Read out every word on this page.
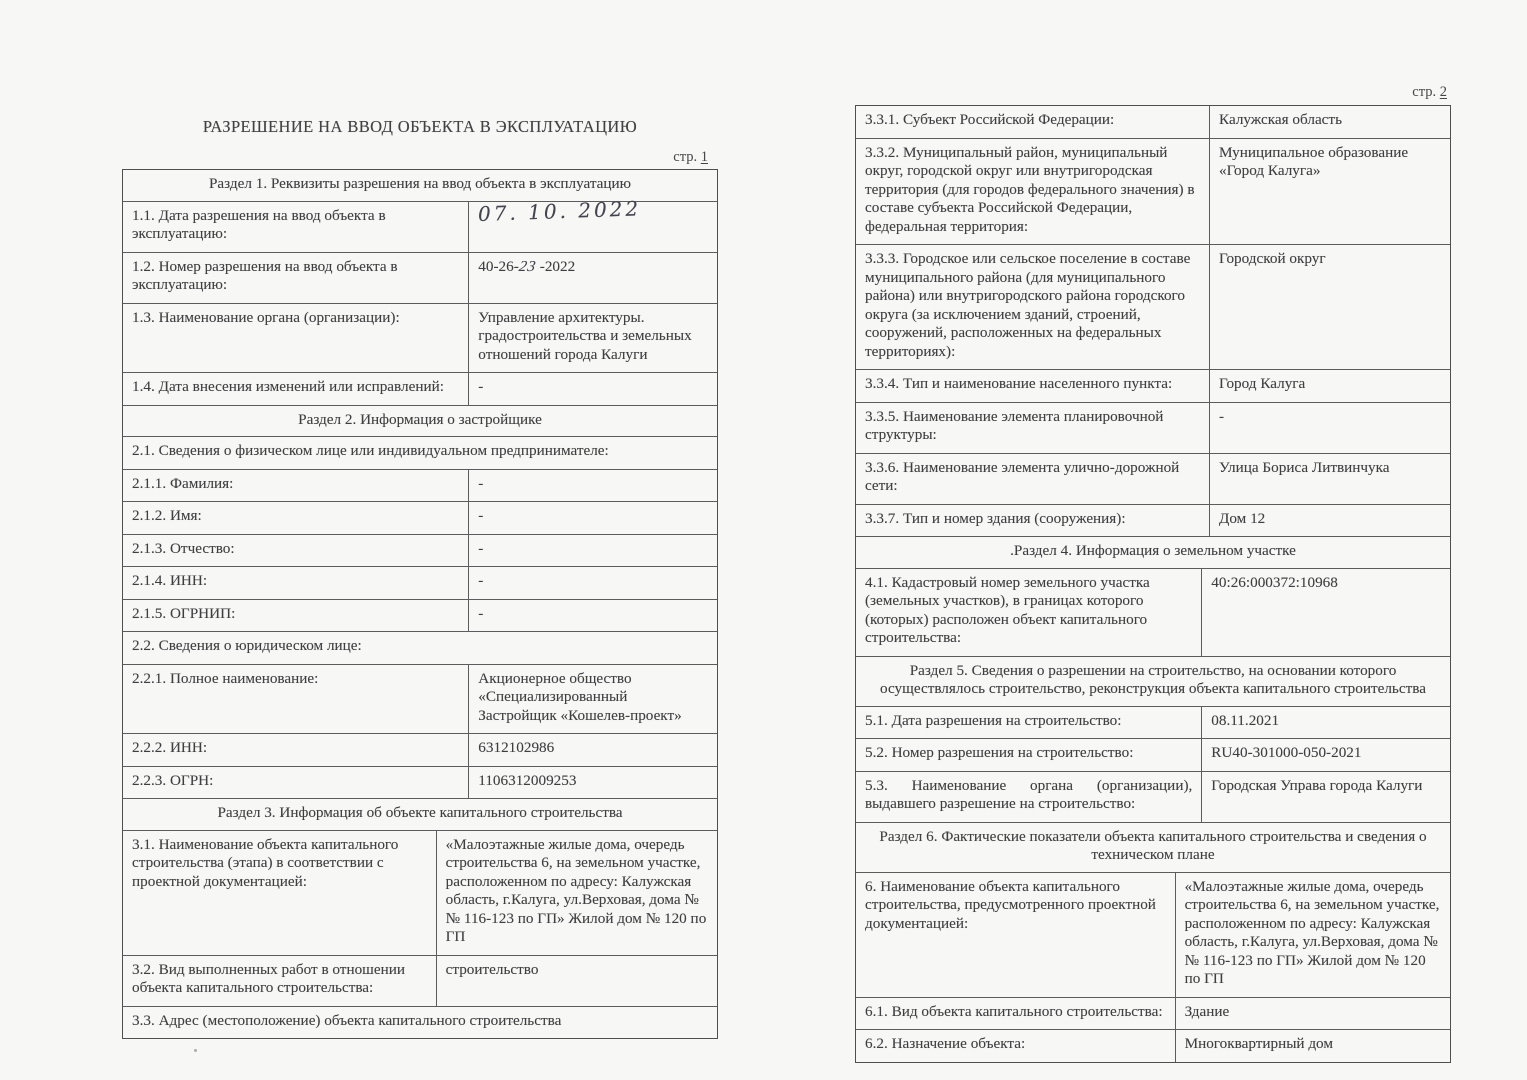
РАЗРЕШЕНИЕ НА ВВОД ОБЪЕКТА В ЭКСПЛУАТАЦИЮ
стр. 1
Раздел 1. Реквизиты разрешения на ввод объекта в эксплуатацию
1.1. Дата разрешения на ввод объекта в эксплуатацию:
07. 10. 2022
1.2. Номер разрешения на ввод объекта в эксплуатацию:
40-26-23 -2022
1.3. Наименование органа (организации):	Управление архитектуры. градостроительства и земельных отношений города Калуги
1.4. Дата внесения изменений или исправлений:	-
Раздел 2. Информация о застройщике
2.1. Сведения о физическом лице или индивидуальном предпринимателе:
2.1.1. Фамилия:	-
2.1.2. Имя:	-
2.1.3. Отчество:	-
2.1.4. ИНН:	-
2.1.5. ОГРНИП:	-
2.2. Сведения о юридическом лице:
2.2.1. Полное наименование:	Акционерное общество «Специализированный Застройщик «Кошелев-проект»
2.2.2. ИНН:	6312102986
2.2.3. ОГРН:	1106312009253
Раздел 3. Информация об объекте капитального строительства
3.1. Наименование объекта капитального строительства (этапа) в соответствии с проектной документацией:
«Малоэтажные жилые дома, очередь строительства 6, на земельном участке, расположенном по адресу: Калужская область, г.Калуга, ул.Верховая, дома №№ 116-123 по ГП» Жилой дом № 120 по ГП
3.2. Вид выполненных работ в отношении объекта капитального строительства:
строительство
3.3. Адрес (местоположение) объекта капитального строительства
стр. 2
3.3.1. Субъект Российской Федерации:	Калужская область
3.3.2. Муниципальный район, муниципальный округ, городской округ или внутригородская территория (для городов федерального значения) в составе субъекта Российской Федерации, федеральная территория:
Муниципальное образование «Город Калуга»
3.3.3. Городское или сельское поселение в составе муниципального района (для муниципального района) или внутригородского района городского округа (за исключением зданий, строений, сооружений, расположенных на федеральных территориях):
Городской округ
3.3.4. Тип и наименование населенного пункта:	Город Калуга
3.3.5. Наименование элемента планировочной структуры:
-
3.3.6. Наименование элемента улично-дорожной сети:
Улица Бориса Литвинчука
3.3.7. Тип и номер здания (сооружения):	Дом 12
.Раздел 4. Информация о земельном участке
4.1. Кадастровый номер земельного участка (земельных участков), в границах которого (которых) расположен объект капитального строительства:
40:26:000372:10968
Раздел 5. Сведения о разрешении на строительство, на основании которого осуществлялось строительство, реконструкция объекта капитального строительства
5.1. Дата разрешения на строительство:	08.11.2021
5.2. Номер разрешения на строительство:	RU40-301000-050-2021
5.3. Наименование органа (организации), выдавшего разрешение на строительство:
Городская Управа города Калуги
Раздел 6. Фактические показатели объекта капитального строительства и сведения о техническом плане
6. Наименование объекта капитального строительства, предусмотренного проектной документацией:
«Малоэтажные жилые дома, очередь строительства 6, на земельном участке, расположенном по адресу: Калужская область, г.Калуга, ул.Верховая, дома №№ 116-123 по ГП» Жилой дом № 120 по ГП
6.1. Вид объекта капитального строительства:	Здание
6.2. Назначение объекта:	Многоквартирный дом
